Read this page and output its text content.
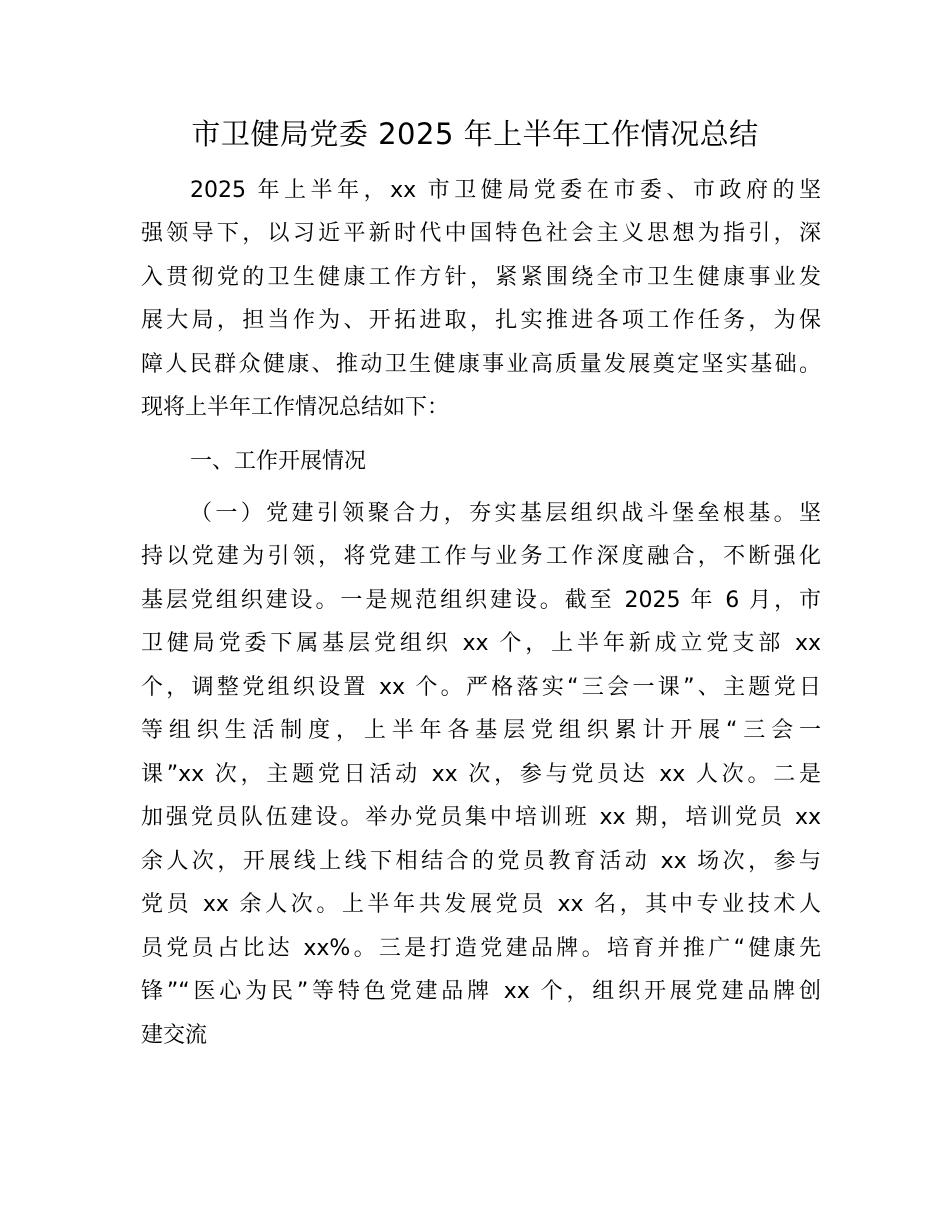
市卫健局党委 2025 年上半年工作情况总结
2025 年上半年，xx 市卫健局党委在市委、市政府的坚
强领导下，以习近平新时代中国特色社会主义思想为指引，深
入贯彻党的卫生健康工作方针，紧紧围绕全市卫生健康事业发
展大局，担当作为、开拓进取，扎实推进各项工作任务，为保
障人民群众健康、推动卫生健康事业高质量发展奠定坚实基础。
现将上半年工作情况总结如下：
一、工作开展情况
（一）党建引领聚合力，夯实基层组织战斗堡垒根基。坚
持以党建为引领，将党建工作与业务工作深度融合，不断强化
基层党组织建设。一是规范组织建设。截至 2025 年 6 月，市
卫健局党委下属基层党组织 xx 个，上半年新成立党支部 xx
个，调整党组织设置 xx 个。严格落实“三会一课”、主题党日
等组织生活制度，上半年各基层党组织累计开展“三会一
课”xx 次，主题党日活动 xx 次，参与党员达 xx 人次。二是
加强党员队伍建设。举办党员集中培训班 xx 期，培训党员 xx
余人次，开展线上线下相结合的党员教育活动 xx 场次，参与
党员 xx 余人次。上半年共发展党员 xx 名，其中专业技术人
员党员占比达 xx%。三是打造党建品牌。培育并推广“健康先
锋”“医心为民”等特色党建品牌 xx 个，组织开展党建品牌创
建交流
